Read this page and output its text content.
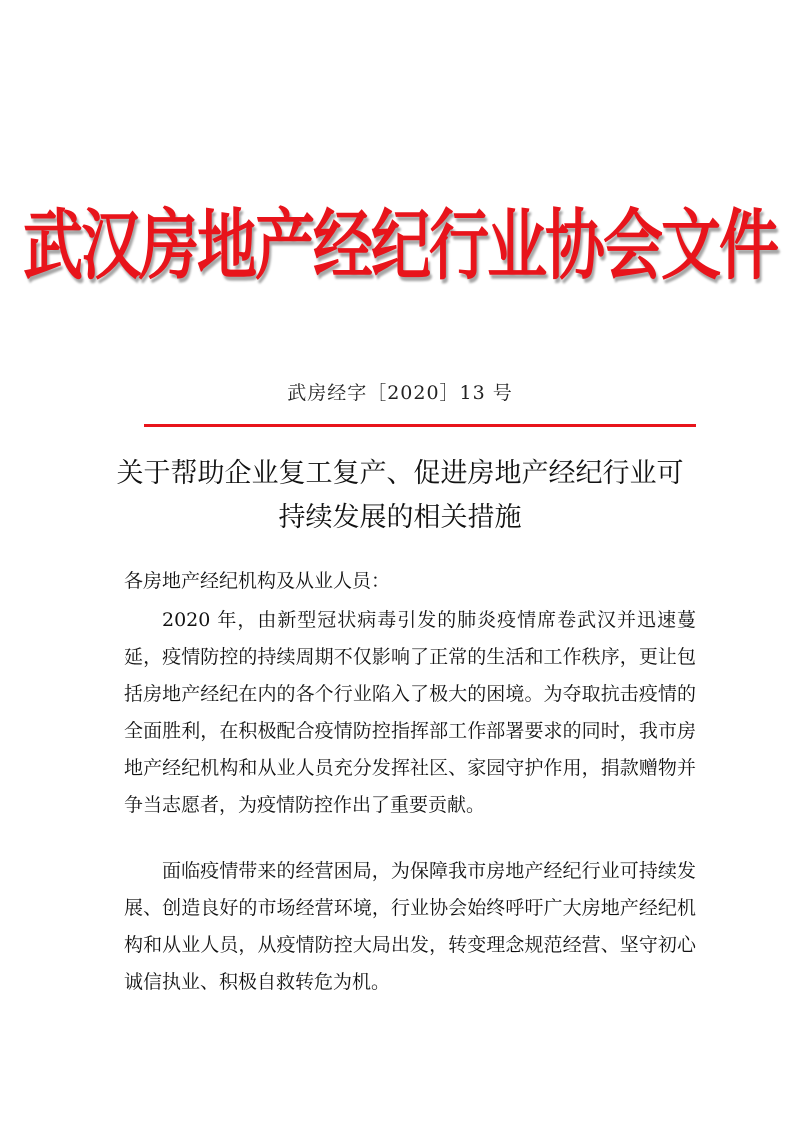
武汉房地产经纪行业协会文件
武房经字［2020］13 号
关于帮助企业复工复产、促进房地产经纪行业可持续发展的相关措施
各房地产经纪机构及从业人员：
2020 年，由新型冠状病毒引发的肺炎疫情席卷武汉并迅速蔓延，疫情防控的持续周期不仅影响了正常的生活和工作秩序，更让包括房地产经纪在内的各个行业陷入了极大的困境。为夺取抗击疫情的全面胜利，在积极配合疫情防控指挥部工作部署要求的同时，我市房地产经纪机构和从业人员充分发挥社区、家园守护作用，捐款赠物并争当志愿者，为疫情防控作出了重要贡献。
面临疫情带来的经营困局，为保障我市房地产经纪行业可持续发展、创造良好的市场经营环境，行业协会始终呼吁广大房地产经纪机构和从业人员，从疫情防控大局出发，转变理念规范经营、坚守初心诚信执业、积极自救转危为机。
